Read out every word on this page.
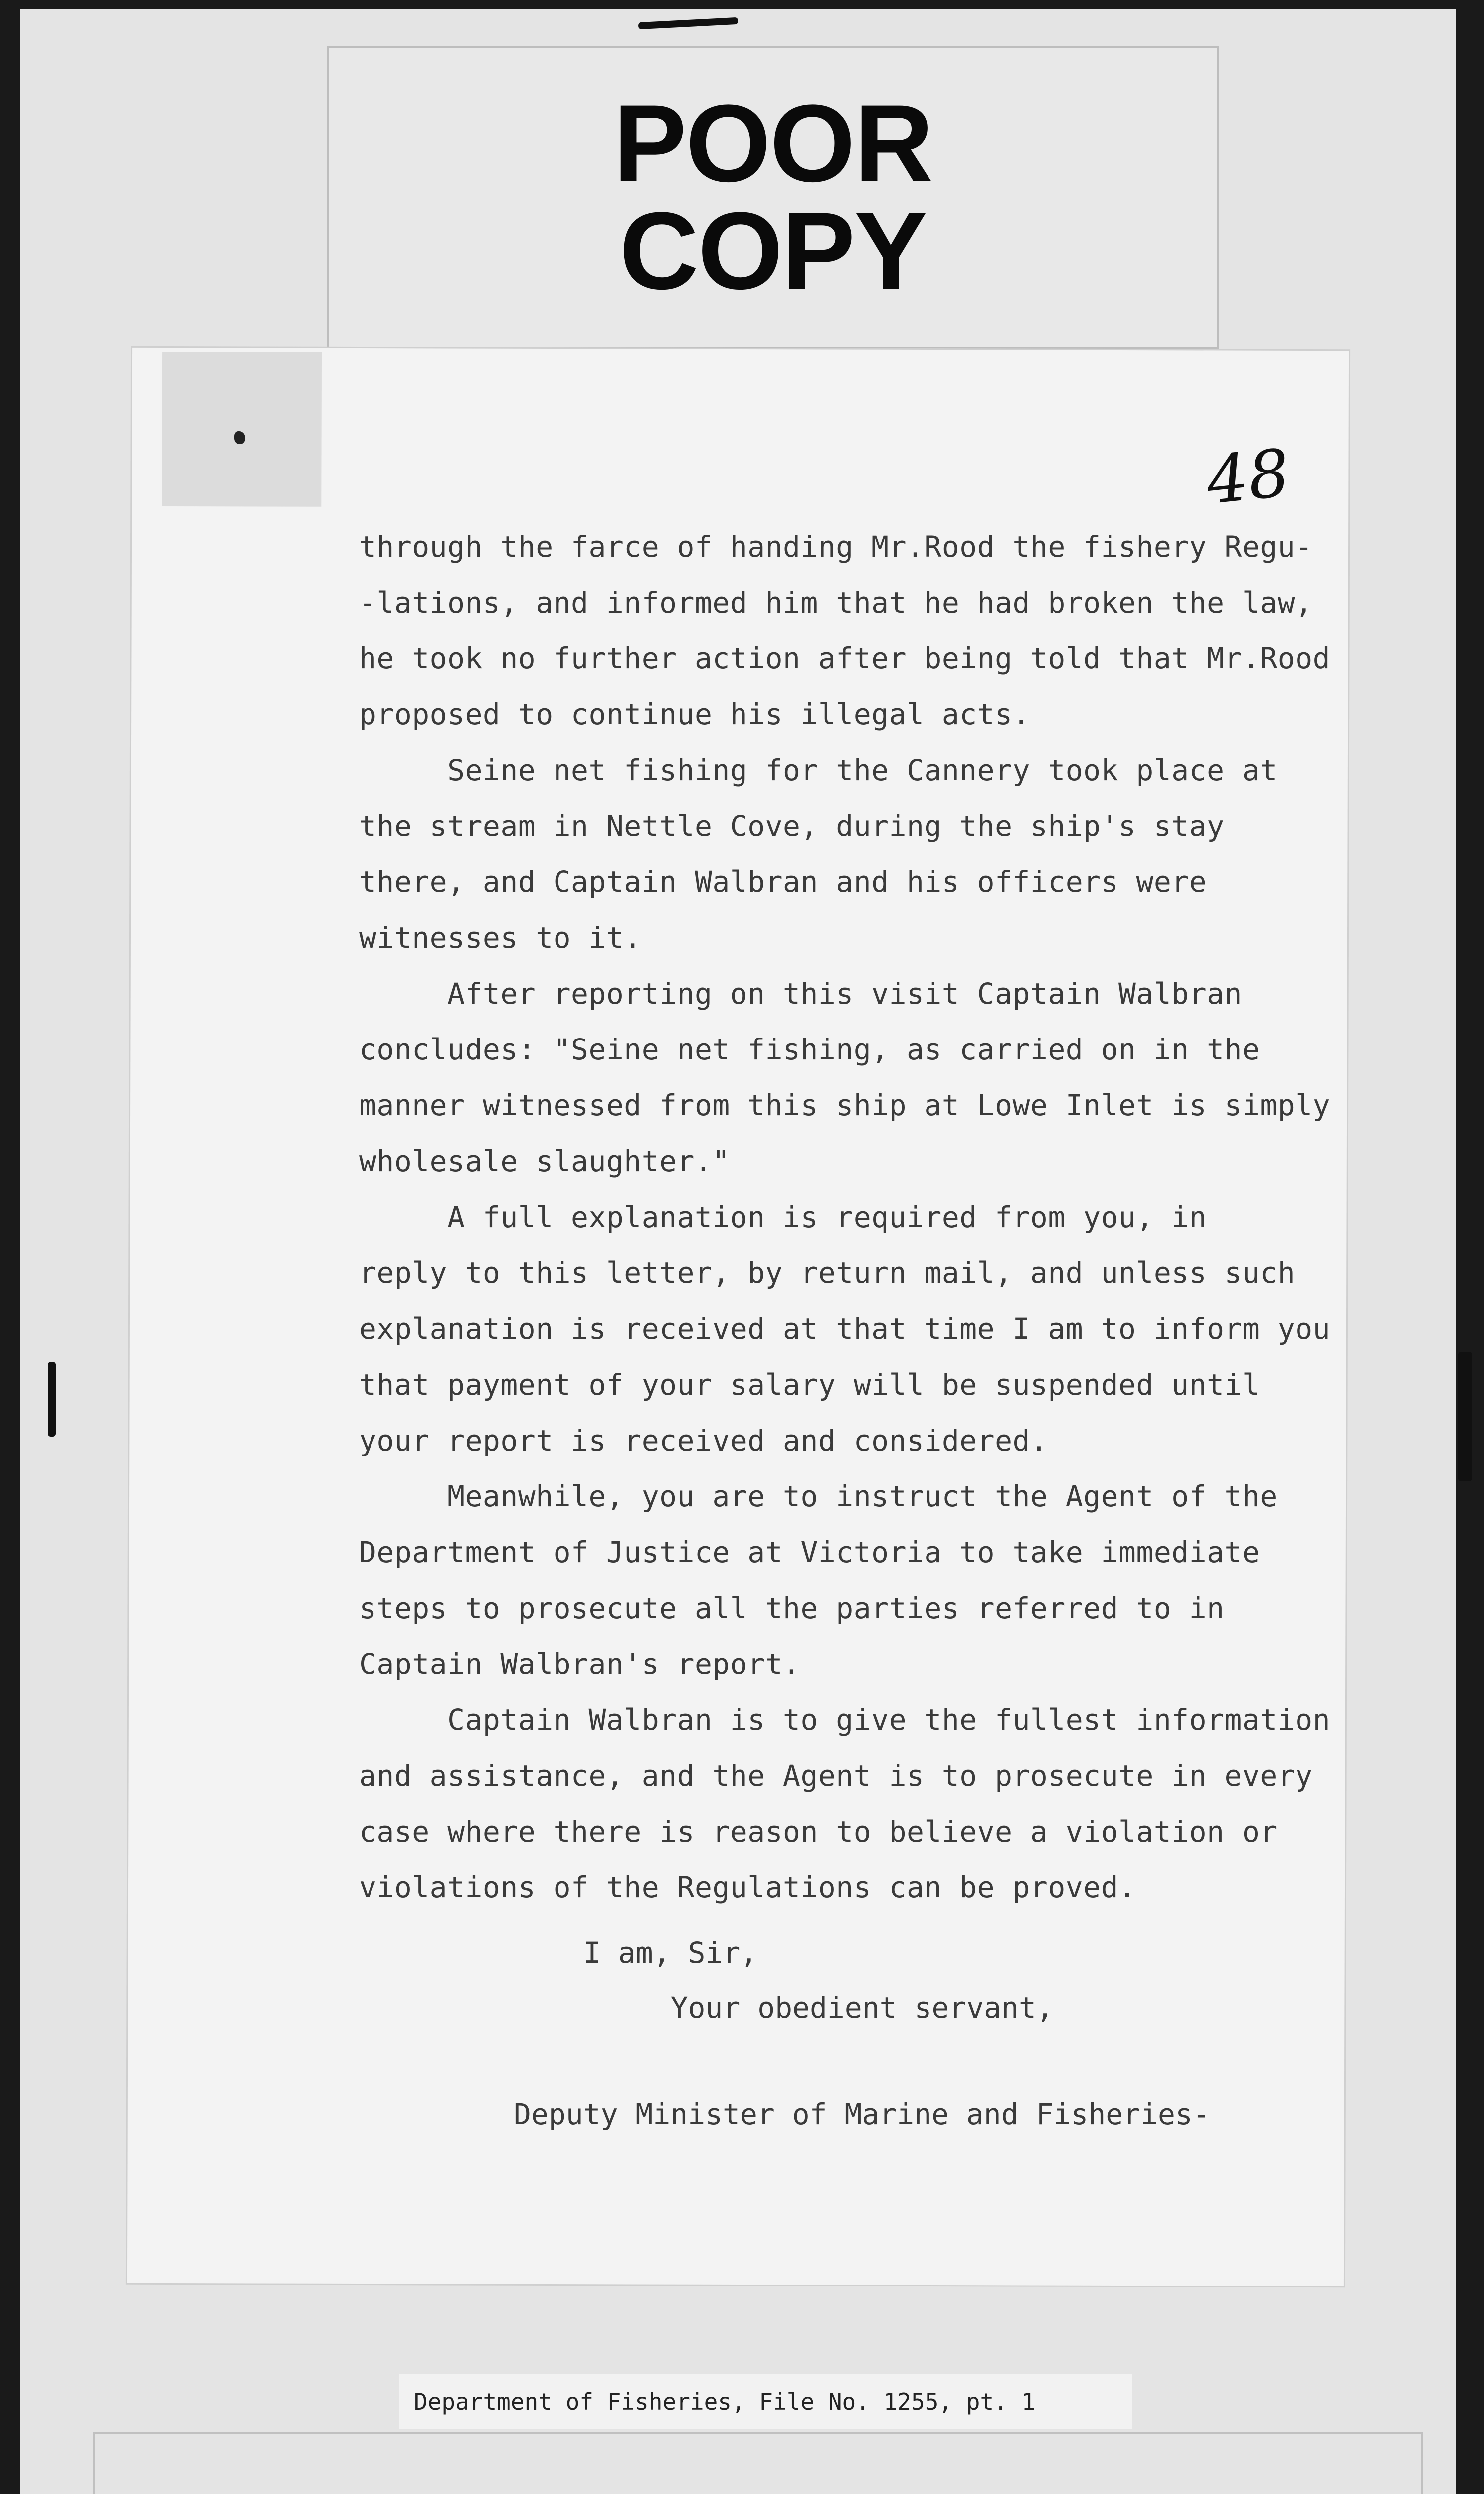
POOR
COPY
48
through the farce of handing Mr.Rood the fishery Regu-
-lations, and informed him that he had broken the law,
he took no further action after being told that Mr.Rood
proposed to continue his illegal acts.
Seine net fishing for the Cannery took place at
the stream in Nettle Cove, during the ship's stay
there, and Captain Walbran and his officers were
witnesses to it.
After reporting on this visit Captain Walbran
concludes: "Seine net fishing, as carried on in the
manner witnessed from this ship at Lowe Inlet is simply
wholesale slaughter."
A full explanation is required from you, in
reply to this letter, by return mail, and unless such
explanation is received at that time I am to inform you
that payment of your salary will be suspended until
your report is received and considered.
Meanwhile, you are to instruct the Agent of the
Department of Justice at Victoria to take immediate
steps to prosecute all the parties referred to in
Captain Walbran's report.
Captain Walbran is to give the fullest information
and assistance, and the Agent is to prosecute in every
case where there is reason to believe a violation or
violations of the Regulations can be proved.
I am, Sir,
Your obedient servant,
Deputy Minister of Marine and Fisheries-
Department of Fisheries, File No. 1255, pt. 1
